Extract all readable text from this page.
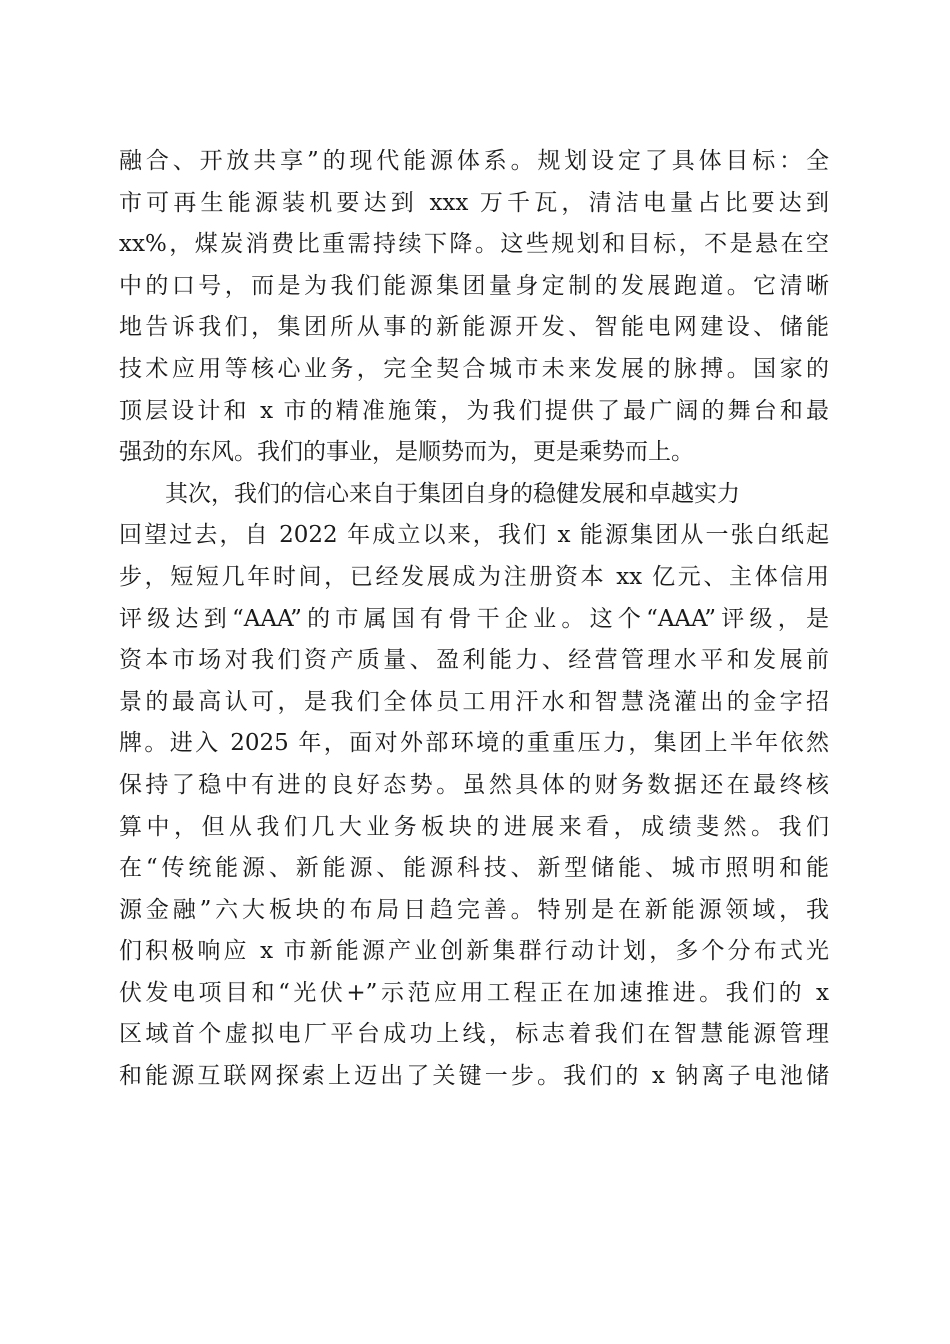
融合、开放共享”的现代能源体系。规划设定了具体目标：全
市可再生能源装机要达到 xxx 万千瓦，清洁电量占比要达到
xx%，煤炭消费比重需持续下降。这些规划和目标，不是悬在空
中的口号，而是为我们能源集团量身定制的发展跑道。它清晰
地告诉我们，集团所从事的新能源开发、智能电网建设、储能
技术应用等核心业务，完全契合城市未来发展的脉搏。国家的
顶层设计和 x 市的精准施策，为我们提供了最广阔的舞台和最
强劲的东风。我们的事业，是顺势而为，更是乘势而上。
　　其次，我们的信心来自于集团自身的稳健发展和卓越实力
回望过去，自 2022 年成立以来，我们 x 能源集团从一张白纸起
步，短短几年时间，已经发展成为注册资本 xx 亿元、主体信用
评级达到“AAA”的市属国有骨干企业。这个“AAA”评级，是
资本市场对我们资产质量、盈利能力、经营管理水平和发展前
景的最高认可，是我们全体员工用汗水和智慧浇灌出的金字招
牌。进入 2025 年，面对外部环境的重重压力，集团上半年依然
保持了稳中有进的良好态势。虽然具体的财务数据还在最终核
算中，但从我们几大业务板块的进展来看，成绩斐然。我们
在“传统能源、新能源、能源科技、新型储能、城市照明和能
源金融”六大板块的布局日趋完善。特别是在新能源领域，我
们积极响应 x 市新能源产业创新集群行动计划，多个分布式光
伏发电项目和“光伏+”示范应用工程正在加速推进。我们的 x
区域首个虚拟电厂平台成功上线，标志着我们在智慧能源管理
和能源互联网探索上迈出了关键一步。我们的 x 钠离子电池储
